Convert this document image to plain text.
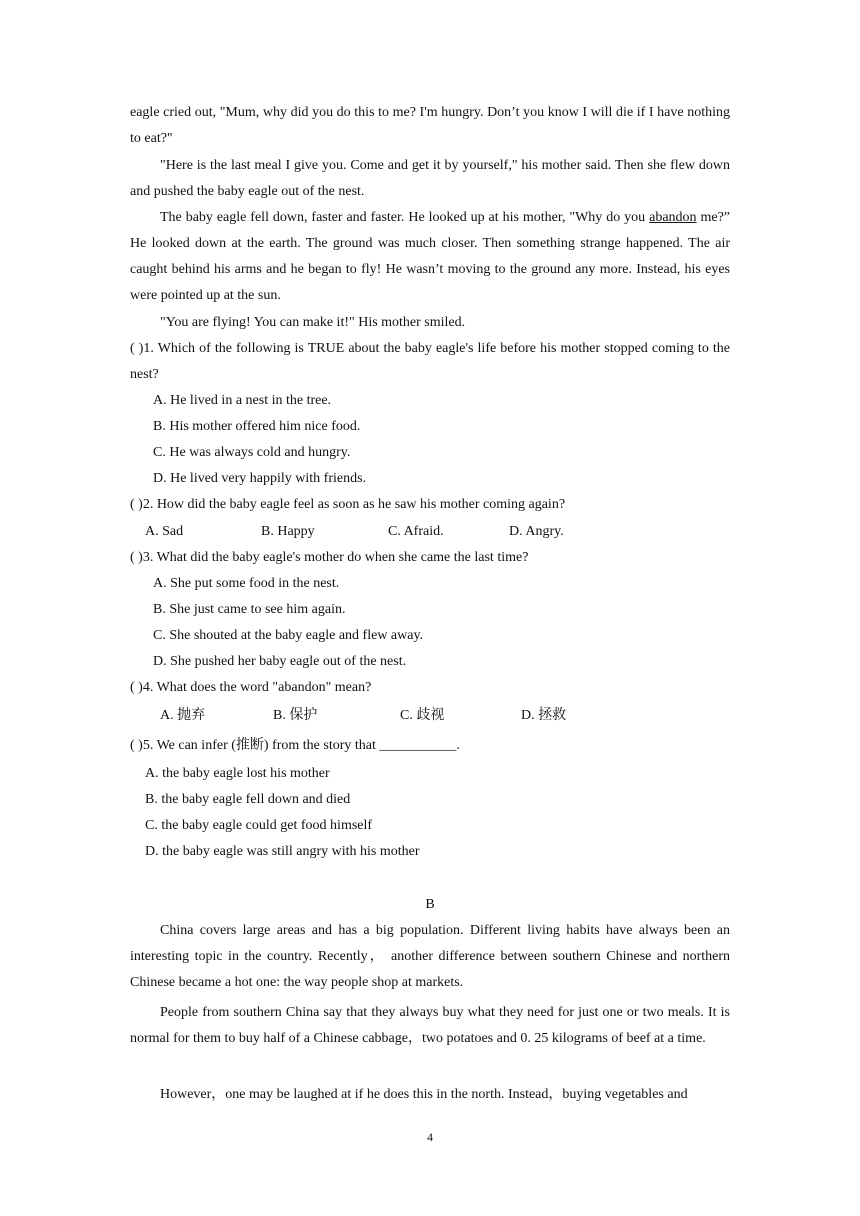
eagle cried out, "Mum, why did you do this to me? I'm hungry. Don’t you know I will die if I have nothing to eat?"
"Here is the last meal I give you. Come and get it by yourself," his mother said. Then she flew down and pushed the baby eagle out of the nest.
The baby eagle fell down, faster and faster. He looked up at his mother, "Why do you abandon me?” He looked down at the earth. The ground was much closer. Then something strange happened. The air caught behind his arms and he began to fly! He wasn’t moving to the ground any more. Instead, his eyes were pointed up at the sun.
"You are flying! You can make it!" His mother smiled.
( )1. Which of the following is TRUE about the baby eagle's life before his mother stopped coming to the nest?
A. He lived in a nest in the tree.
B. His mother offered him nice food.
C. He was always cold and hungry.
D. He lived very happily with friends.
( )2. How did the baby eagle feel as soon as he saw his mother coming again?
A. Sad	B. Happy	C. Afraid.	D. Angry.
( )3. What did the baby eagle's mother do when she came the last time?
A. She put some food in the nest.
B. She just came to see him again.
C. She shouted at the baby eagle and flew away.
D. She pushed her baby eagle out of the nest.
( )4. What does the word "abandon" mean?
A. 抛弃	B. 保护	C. 歧视	D. 拯救
( )5. We can infer (推断) from the story that ___________.
A. the baby eagle lost his mother
B. the baby eagle fell down and died
C. the baby eagle could get food himself
D. the baby eagle was still angry with his mother
B
China covers large areas and has a big population. Different living habits have always been an interesting topic in the country. Recently， another difference between southern Chinese and northern Chinese became a hot one: the way people shop at markets.
People from southern China say that they always buy what they need for just one or two meals. It is normal for them to buy half of a Chinese cabbage，two potatoes and 0. 25 kilograms of beef at a time.
However，one may be laughed at if he does this in the north. Instead，buying vegetables and
4
